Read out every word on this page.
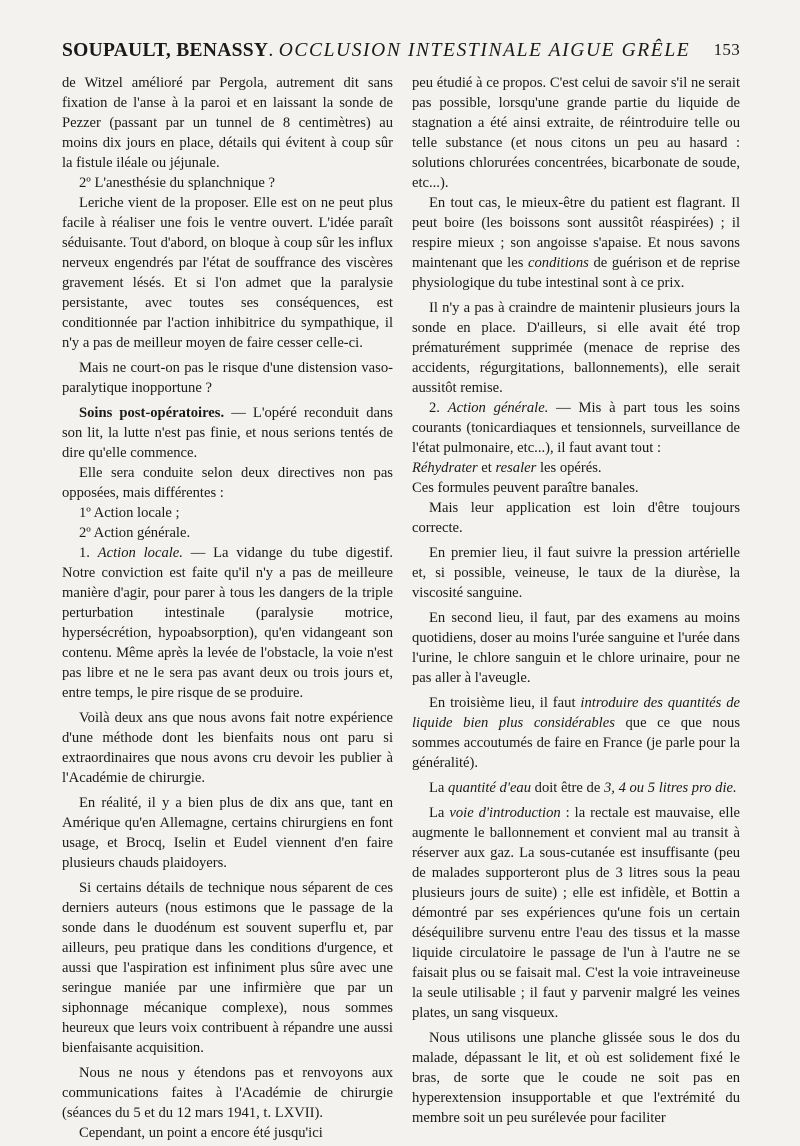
SOUPAULT, BENASSY. OCCLUSION INTESTINALE AIGUE GRÊLE 153

de Witzel amélioré par Pergola, autrement dit sans fixation de l'anse à la paroi et en laissant la sonde de Pezzer (passant par un tunnel de 8 centimètres) au moins dix jours en place, détails qui évitent à coup sûr la fistule iléale ou jéjunale.

2º L'anesthésie du splanchnique ?

Leriche vient de la proposer. Elle est on ne peut plus facile à réaliser une fois le ventre ouvert. L'idée paraît séduisante. Tout d'abord, on bloque à coup sûr les influx nerveux engendrés par l'état de souffrance des viscères gravement lésés. Et si l'on admet que la paralysie persistante, avec toutes ses conséquences, est conditionnée par l'action inhibitrice du sympathique, il n'y a pas de meilleur moyen de faire cesser celle-ci.

Mais ne court-on pas le risque d'une distension vaso-paralytique inopportune ?

Soins post-opératoires. — L'opéré reconduit dans son lit, la lutte n'est pas finie, et nous serions tentés de dire qu'elle commence.

Elle sera conduite selon deux directives non pas opposées, mais différentes :

1º Action locale ;

2º Action générale.

1. Action locale. — La vidange du tube digestif. Notre conviction est faite qu'il n'y a pas de meilleure manière d'agir, pour parer à tous les dangers de la triple perturbation intestinale (paralysie motrice, hypersécrétion, hypoabsorption), qu'en vidangeant son contenu. Même après la levée de l'obstacle, la voie n'est pas libre et ne le sera pas avant deux ou trois jours et, entre temps, le pire risque de se produire.

Voilà deux ans que nous avons fait notre expérience d'une méthode dont les bienfaits nous ont paru si extraordinaires que nous avons cru devoir les publier à l'Académie de chirurgie.

En réalité, il y a bien plus de dix ans que, tant en Amérique qu'en Allemagne, certains chirurgiens en font usage, et Brocq, Iselin et Eudel viennent d'en faire plusieurs chauds plaidoyers.

Si certains détails de technique nous séparent de ces derniers auteurs (nous estimons que le passage de la sonde dans le duodénum est souvent superflu et, par ailleurs, peu pratique dans les conditions d'urgence, et aussi que l'aspiration est infiniment plus sûre avec une seringue maniée par une infirmière que par un siphonnage mécanique complexe), nous sommes heureux que leurs voix contribuent à répandre une aussi bienfaisante acquisition.

Nous ne nous y étendons pas et renvoyons aux communications faites à l'Académie de chirurgie (séances du 5 et du 12 mars 1941, t. LXVII).

Cependant, un point a encore été jusqu'ici

peu étudié à ce propos. C'est celui de savoir s'il ne serait pas possible, lorsqu'une grande partie du liquide de stagnation a été ainsi extraite, de réintroduire telle ou telle substance (et nous citons un peu au hasard : solutions chlorurées concentrées, bicarbonate de soude, etc...).

En tout cas, le mieux-être du patient est flagrant. Il peut boire (les boissons sont aussitôt réaspirées) ; il respire mieux ; son angoisse s'apaise. Et nous savons maintenant que les conditions de guérison et de reprise physiologique du tube intestinal sont à ce prix.

Il n'y a pas à craindre de maintenir plusieurs jours la sonde en place. D'ailleurs, si elle avait été trop prématurément supprimée (menace de reprise des accidents, régurgitations, ballonnements), elle serait aussitôt remise.

2. Action générale. — Mis à part tous les soins courants (tonicardiaques et tensionnels, surveillance de l'état pulmonaire, etc...), il faut avant tout :

Réhydrater et resaler les opérés.

Ces formules peuvent paraître banales.

Mais leur application est loin d'être toujours correcte.

En premier lieu, il faut suivre la pression artérielle et, si possible, veineuse, le taux de la diurèse, la viscosité sanguine.

En second lieu, il faut, par des examens au moins quotidiens, doser au moins l'urée sanguine et l'urée dans l'urine, le chlore sanguin et le chlore urinaire, pour ne pas aller à l'aveugle.

En troisième lieu, il faut introduire des quantités de liquide bien plus considérables que ce que nous sommes accoutumés de faire en France (je parle pour la généralité).

La quantité d'eau doit être de 3, 4 ou 5 litres pro die.

La voie d'introduction : la rectale est mauvaise, elle augmente le ballonnement et convient mal au transit à réserver aux gaz. La sous-cutanée est insuffisante (peu de malades supporteront plus de 3 litres sous la peau plusieurs jours de suite) ; elle est infidèle, et Bottin a démontré par ses expériences qu'une fois un certain déséquilibre survenu entre l'eau des tissus et la masse liquide circulatoire le passage de l'un à l'autre ne se faisait plus ou se faisait mal. C'est la voie intraveineuse la seule utilisable ; il faut y parvenir malgré les veines plates, un sang visqueux.

Nous utilisons une planche glissée sous le dos du malade, dépassant le lit, et où est solidement fixé le bras, de sorte que le coude ne soit pas en hyperextension insupportable et que l'extrémité du membre soit un peu surélevée pour faciliter
